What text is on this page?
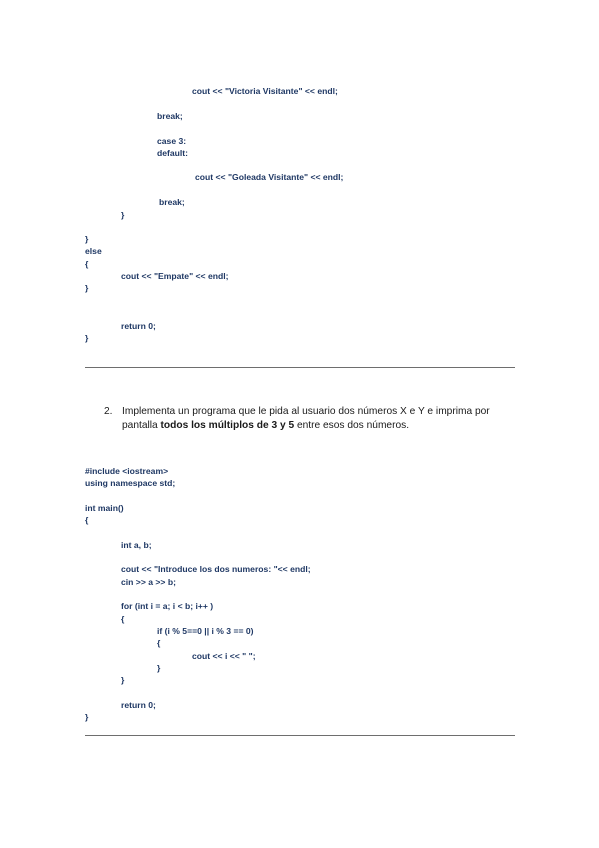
cout << "Victoria Visitante" << endl;
break;
case 3:
default:
cout << "Goleada Visitante" << endl;
break;
}
}
else
{
cout << "Empate" << endl;
}
return 0;
}
2. Implementa un programa que le pida al usuario dos números X e Y e imprima por pantalla todos los múltiplos de 3 y 5 entre esos dos números.
#include <iostream>
using namespace std;
int main()
{
int a, b;
cout << "Introduce los dos numeros: "<< endl;
cin >> a >> b;
for (int i = a; i < b; i++ )
{
if (i % 5==0 || i % 3 == 0)
{
cout << i << " ";
}
}
return 0;
}
